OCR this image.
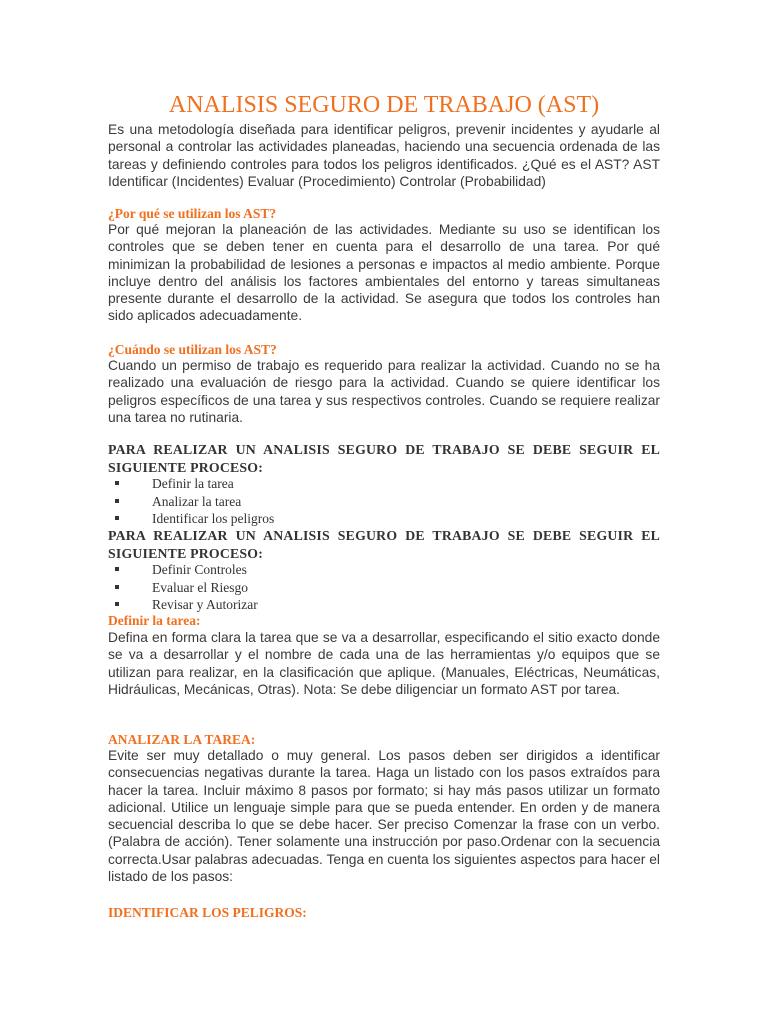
ANALISIS SEGURO DE TRABAJO (AST)

Es una metodología diseñada para identificar peligros, prevenir incidentes y ayudarle al personal a controlar las actividades planeadas, haciendo una secuencia ordenada de las tareas y definiendo controles para todos los peligros identificados. ¿Qué es el AST? AST Identificar (Incidentes) Evaluar (Procedimiento) Controlar (Probabilidad)

¿Por qué se utilizan los AST?

Por qué mejoran la planeación de las actividades. Mediante su uso se identifican los controles que se deben tener en cuenta para el desarrollo de una tarea. Por qué minimizan la probabilidad de lesiones a personas e impactos al medio ambiente. Porque incluye dentro del análisis los factores ambientales del entorno y tareas simultaneas presente durante el desarrollo de la actividad. Se asegura que todos los controles han sido aplicados adecuadamente.

¿Cuándo se utilizan los AST?

Cuando un permiso de trabajo es requerido para realizar la actividad. Cuando no se ha realizado una evaluación de riesgo para la actividad. Cuando se quiere identificar los peligros específicos de una tarea y sus respectivos controles. Cuando se requiere realizar una tarea no rutinaria.

PARA REALIZAR UN ANALISIS SEGURO DE TRABAJO SE DEBE SEGUIR EL SIGUIENTE PROCESO:
Definir la tarea
Analizar la tarea
Identificar los peligros
PARA REALIZAR UN ANALISIS SEGURO DE TRABAJO SE DEBE SEGUIR EL SIGUIENTE PROCESO:
Definir Controles
Evaluar el Riesgo
Revisar y Autorizar
Definir la tarea:

Defina en forma clara la tarea que se va a desarrollar, especificando el sitio exacto donde se va a desarrollar y el nombre de cada una de las herramientas y/o equipos que se utilizan para realizar, en la clasificación que aplique. (Manuales, Eléctricas, Neumáticas, Hidráulicas, Mecánicas, Otras). Nota: Se debe diligenciar un formato AST por tarea.

ANALIZAR LA TAREA:

Evite ser muy detallado o muy general. Los pasos deben ser dirigidos a identificar consecuencias negativas durante la tarea. Haga un listado con los pasos extraídos para hacer la tarea. Incluir máximo 8 pasos por formato; si hay más pasos utilizar un formato adicional. Utilice un lenguaje simple para que se pueda entender. En orden y de manera secuencial describa lo que se debe hacer. Ser preciso Comenzar la frase con un verbo. (Palabra de acción). Tener solamente una instrucción por paso.Ordenar con la secuencia correcta.Usar palabras adecuadas. Tenga en cuenta los siguientes aspectos para hacer el listado de los pasos:

IDENTIFICAR LOS PELIGROS:
